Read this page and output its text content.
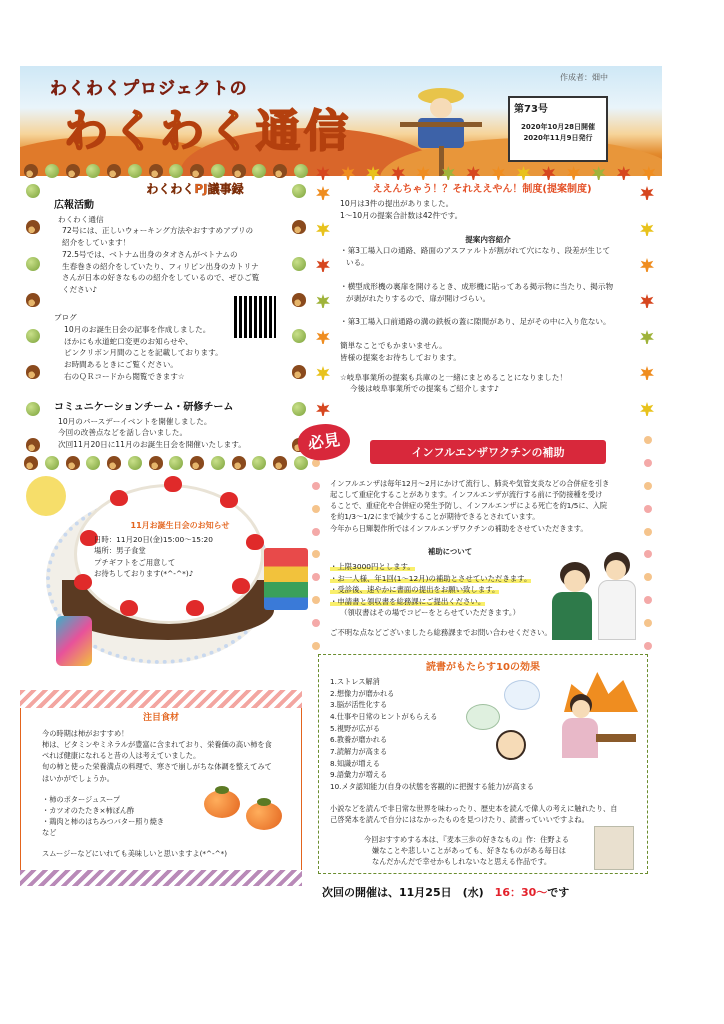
わくわくプロジェクトの
わくわく通信
作成者：畑中
第73号
2020年10月28日開催
2020年11月9日発行
わくわくPJ議事録
広報活動
わくわく通信
72号には、正しいウォーキング方法やおすすめアプリの
紹介をしています！
72.5号では、ベトナム出身のタオさんがベトナムの
生春巻きの紹介をしていたり、フィリピン出身のカトリナ
さんが日本の好きなものの紹介をしているので、ぜひご覧
ください♪
ブログ
10月のお誕生日会の記事を作成しました。
ほかにも水道蛇口変更のお知らせや、
ピンクリボン月間のことを記載しております。
お時間あるときにご覧ください。
右のＱＲコードから閲覧できます☆
コミュニケーションチーム・研修チーム
10月のバースデーイベントを開催しました。
今回の改善点などを話し合いました。
次回11月20日に11月のお誕生日会を開催いたします。
ええんちゃう！？それええやん！制度(提案制度)
10月は3件の提出がありました。
1～10月の提案合計数は42件です。
提案内容紹介
・第3工場入口の通路、路面のアスファルトが割がれて穴になり、段差が生じて
いる。
・横型成形機の裏扉を開けるとき、成形機に貼ってある掲示物に当たり、掲示物
が剥がれたりするので、扉が開けづらい。
・第3工場入口前通路の溝の鉄板の蓋に隙間があり、足がその中に入り危ない。
簡単なことでもかまいません。
皆様の提案をお待ちしております。
☆岐阜事業所の提案も兵庫のと一緒にまとめることになりました！
今後は岐阜事業所での提案もご紹介します♪
必見	インフルエンザワクチンの補助
インフルエンザは毎年12月～2月にかけて流行し、肺炎や気管支炎などの合併症を引き
起こして重症化することがあります。インフルエンザが流行する前に予防接種を受け
ることで、重症化や合併症の発生予防し、インフルエンザによる死亡を約1/5に、入院
を約1/3～1/2にまで減少することが期待できるとされています。
今年から日輝製作所ではインフルエンザワクチンの補助をさせていただきます。
補助について
・上限3000円とします。
・お一人様、年1回(1～12月)の補助とさせていただきます。
・受診後、速やかに書面の提出をお願い致します。
・申請書と領収書を総務課にご提出ください。
（領収書はその場でコピーをとらせていただきます。）
ご不明な点などございましたら総務課までお問い合わせください。
11月お誕生日会のお知らせ
日時：11月20日(金)15:00～15:20
場所：男子食堂
プチギフトをご用意して
お待ちしております(*^-^*)♪
注目食材
今の時期は柿がおすすめ！
柿は、ビタミンやミネラルが豊富に含まれており、栄養価の高い柿を食
べれば健康になれると昔の人は考えていました。
旬の柿と使った栄養満点の料理で、寒さで崩しがちな体調を整えてみて
はいかがでしょうか。
・柿のポタージュスープ
・カツオのたたき×柿ぽん酢
・鶏肉と柿のはちみつバター照り焼き
など
スムージーなどにいれても美味しいと思いますよ(*^-^*)
読書がもたらす10の効果
1.ストレス解消
2.想像力が磨かれる
3.脳が活性化する
4.仕事や日常のヒントがもらえる
5.視野が広がる
6.教養が磨かれる
7.読解力が高まる
8.知識が増える
9.語彙力が増える
10.メタ認知能力(自身の状態を客観的に把握する能力)が高まる
小説などを読んで非日常な世界を味わったり、歴史本を読んで偉人の考えに触れたり、自
己啓発本を読んで自分にはなかったものを見つけたり、読書っていいですよね。
今回おすすめする本は、『麦本三歩の好きなもの』作：住野よる
嫌なことや悲しいことがあっても、好きなものがある毎日は
なんだかんだで幸せかもしれないなと思える作品です。
次回の開催は、11月25日　(水)　16：30～です
